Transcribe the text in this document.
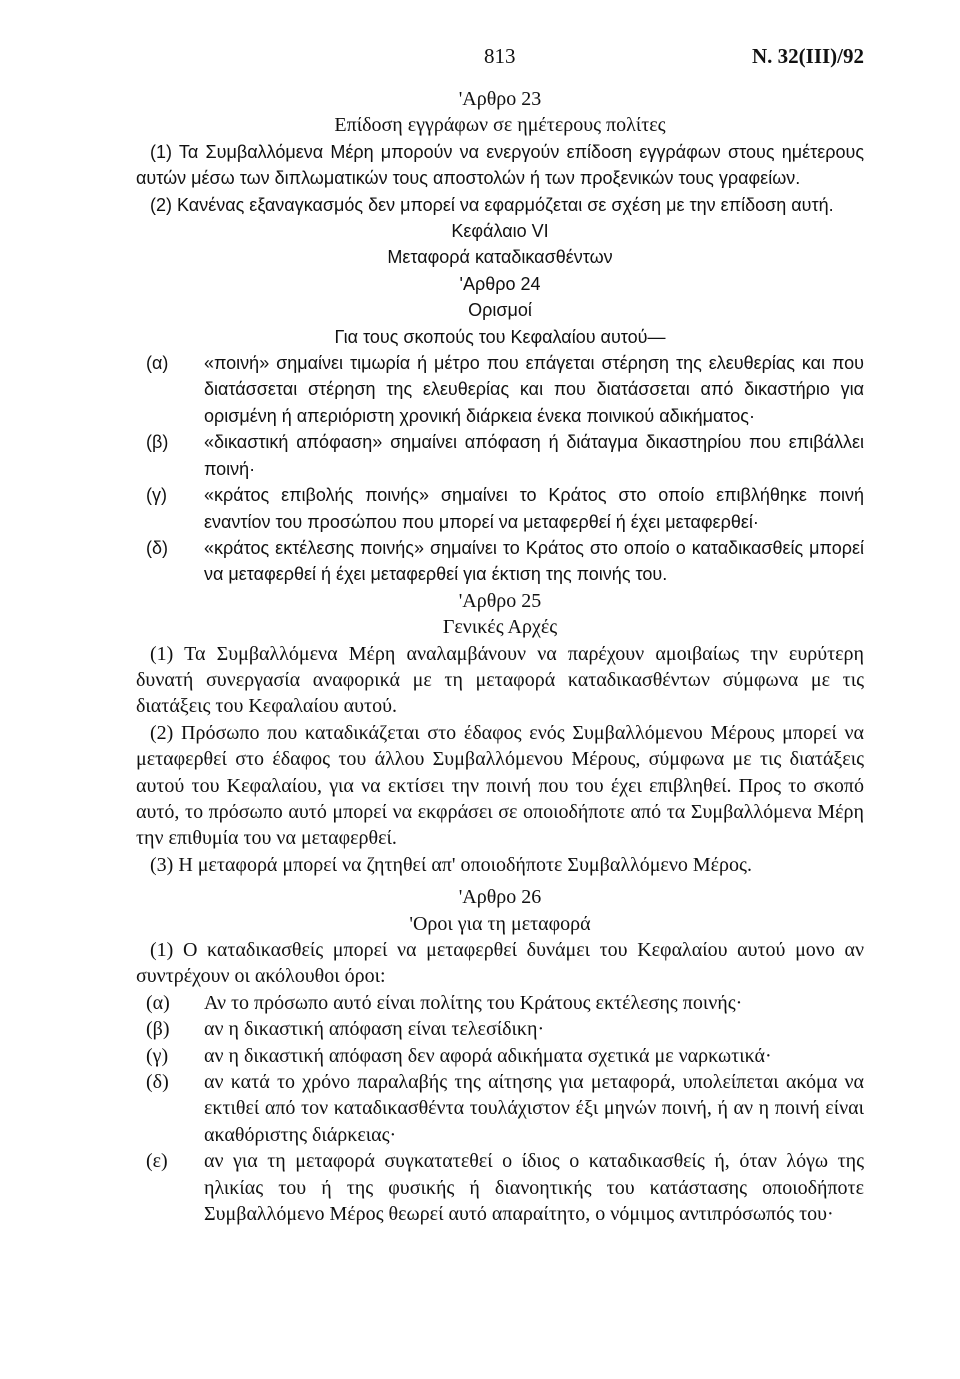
813	N. 32(III)/92

'Αρθρο 23

Επίδοση εγγράφων σε ημέτερους πολίτες

(1) Τα Συμβαλλόμενα Μέρη μπορούν να ενεργούν επίδοση εγγράφων στους ημέτερους αυτών μέσω των διπλωματικών τους αποστολών ή των προξενικών τους γραφείων.

(2) Κανένας εξαναγκασμός δεν μπορεί να εφαρμόζεται σε σχέση με την επίδοση αυτή.

Κεφάλαιο VI

Μεταφορά καταδικασθέντων

'Αρθρο 24

Ορισμοί

Για τους σκοπούς του Κεφαλαίου αυτού—

(α)	«ποινή» σημαίνει τιμωρία ή μέτρο που επάγεται στέρηση της ελευθερίας και που διατάσσεται στέρηση της ελευθερίας και που διατάσσεται από δικαστήριο για ορισμένη ή απεριόριστη χρονική διάρκεια ένεκα ποινικού αδικήματος·
(β)	«δικαστική απόφαση» σημαίνει απόφαση ή διάταγμα δικαστηρίου που επιβάλλει ποινή·
(γ)	«κράτος επιβολής ποινής» σημαίνει το Κράτος στο οποίο επιβλήθηκε ποινή εναντίον του προσώπου που μπορεί να μεταφερθεί ή έχει μεταφερθεί·
(δ)	«κράτος εκτέλεσης ποινής» σημαίνει το Κράτος στο οποίο ο καταδικασθείς μπορεί να μεταφερθεί ή έχει μεταφερθεί για έκτιση της ποινής του.

'Αρθρο 25

Γενικές Αρχές

(1) Τα Συμβαλλόμενα Μέρη αναλαμβάνουν να παρέχουν αμοιβαίως την ευρύτερη δυνατή συνεργασία αναφορικά με τη μεταφορά καταδικασθέντων σύμφωνα με τις διατάξεις του Κεφαλαίου αυτού.

(2) Πρόσωπο που καταδικάζεται στο έδαφος ενός Συμβαλλόμενου Μέρους μπορεί να μεταφερθεί στο έδαφος του άλλου Συμβαλλόμενου Μέρους, σύμφωνα με τις διατάξεις αυτού του Κεφαλαίου, για να εκτίσει την ποινή που του έχει επιβληθεί. Προς το σκοπό αυτό, το πρόσωπο αυτό μπορεί να εκφράσει σε οποιοδήποτε από τα Συμβαλλόμενα Μέρη την επιθυμία του να μεταφερθεί.

(3) Η μεταφορά μπορεί να ζητηθεί απ' οποιοδήποτε Συμβαλλόμενο Μέρος.

'Αρθρο 26

'Οροι για τη μεταφορά

(1) Ο καταδικασθείς μπορεί να μεταφερθεί δυνάμει του Κεφαλαίου αυτού μονο αν συντρέχουν οι ακόλουθοι όροι:

(α)	Αν το πρόσωπο αυτό είναι πολίτης του Κράτους εκτέλεσης ποινής·
(β)	αν η δικαστική απόφαση είναι τελεσίδικη·
(γ)	αν η δικαστική απόφαση δεν αφορά αδικήματα σχετικά με ναρκωτικά·
(δ)	αν κατά το χρόνο παραλαβής της αίτησης για μεταφορά, υπολείπεται ακόμα να εκτιθεί από τον καταδικασθέντα τουλάχιστον έξι μηνών ποινή, ή αν η ποινή είναι ακαθόριστης διάρκειας·
(ε)	αν για τη μεταφορά συγκατατεθεί ο ίδιος ο καταδικασθείς ή, όταν λόγω της ηλικίας του ή της φυσικής ή διανοητικής του κατάστασης οποιοδήποτε Συμβαλλόμενο Μέρος θεωρεί αυτό απαραίτητο, ο νόμιμος αντιπρόσωπός του·
